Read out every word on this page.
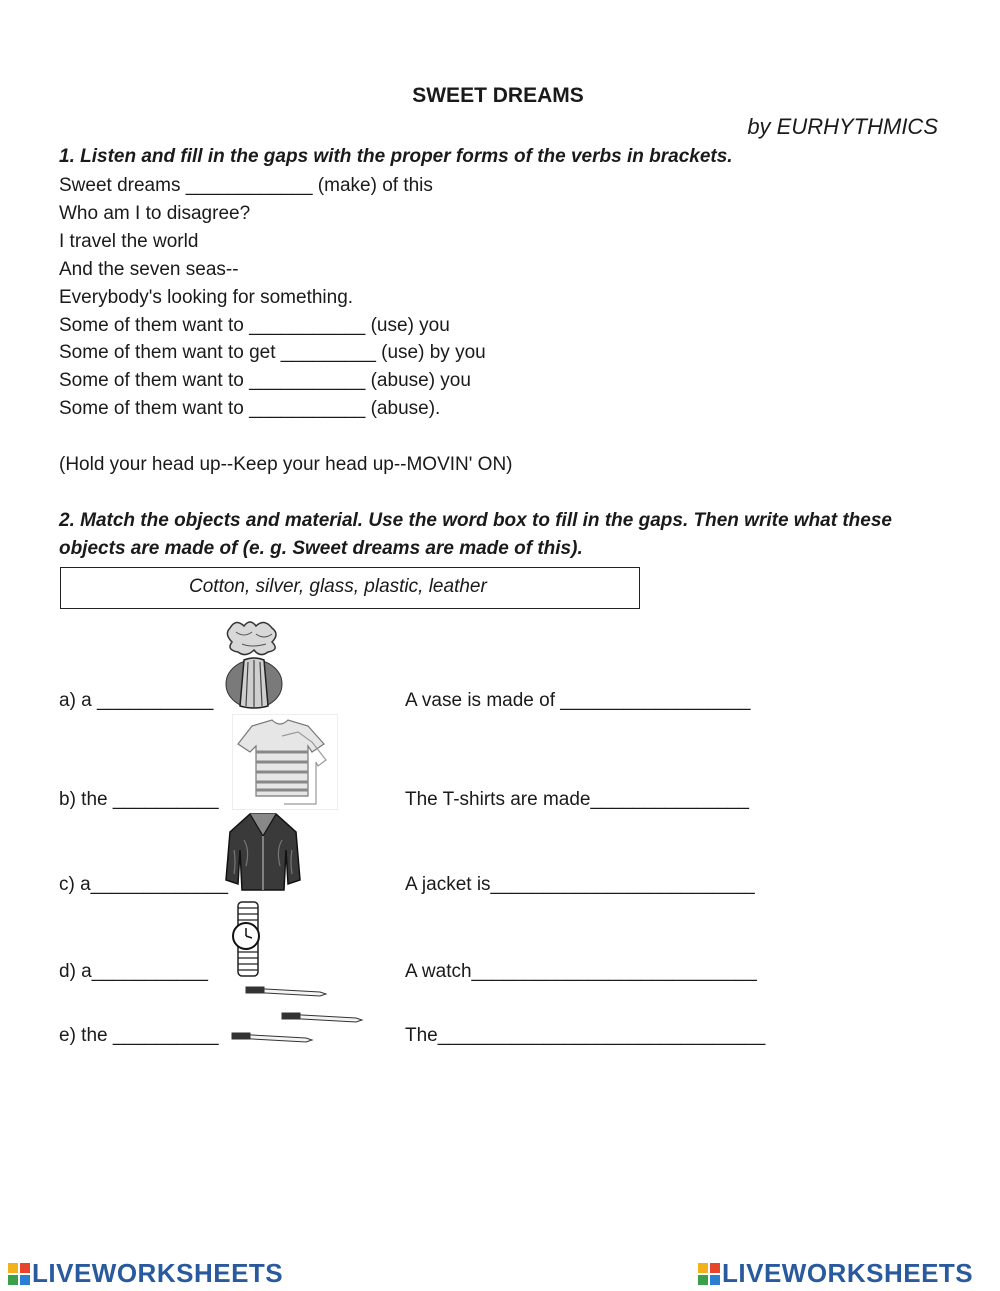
SWEET DREAMS
by EURHYTHMICS
1. Listen and fill in the gaps with the proper forms of the verbs in brackets.
Sweet dreams ____________ (make) of this
Who am I to disagree?
I travel the world
And the seven seas--
Everybody's looking for something.
Some of them want to ___________ (use) you
Some of them want to get _________ (use) by you
Some of them want to ___________ (abuse) you
Some of them want to ___________ (abuse).
(Hold your head up--Keep your head up--MOVIN' ON)
2. Match the objects and material. Use the word box to fill in the gaps. Then write what these
objects are made of (e. g. Sweet dreams are made of this).
Cotton, silver, glass, plastic, leather
a) a ___________	A vase is made of __________________
b) the __________	The T-shirts are made_______________
c) a_____________	A jacket is_________________________
d) a___________	A watch___________________________
e) the __________	The_______________________________
LIVEWORKSHEETS	LIVEWORKSHEETS
